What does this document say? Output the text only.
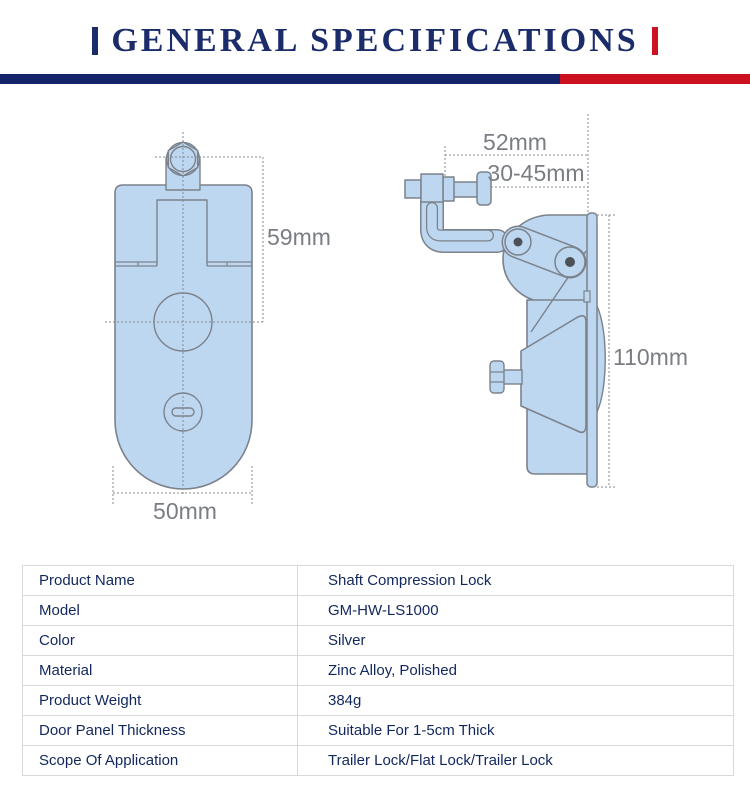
GENERAL SPECIFICATIONS
59mm
50mm
52mm
30-45mm
110mm
Product Name	Shaft Compression Lock
Model	GM-HW-LS1000
Color	Silver
Material	Zinc Alloy, Polished
Product Weight	384g
Door Panel Thickness	Suitable For 1-5cm Thick
Scope Of Application	Trailer Lock/Flat Lock/Trailer Lock
